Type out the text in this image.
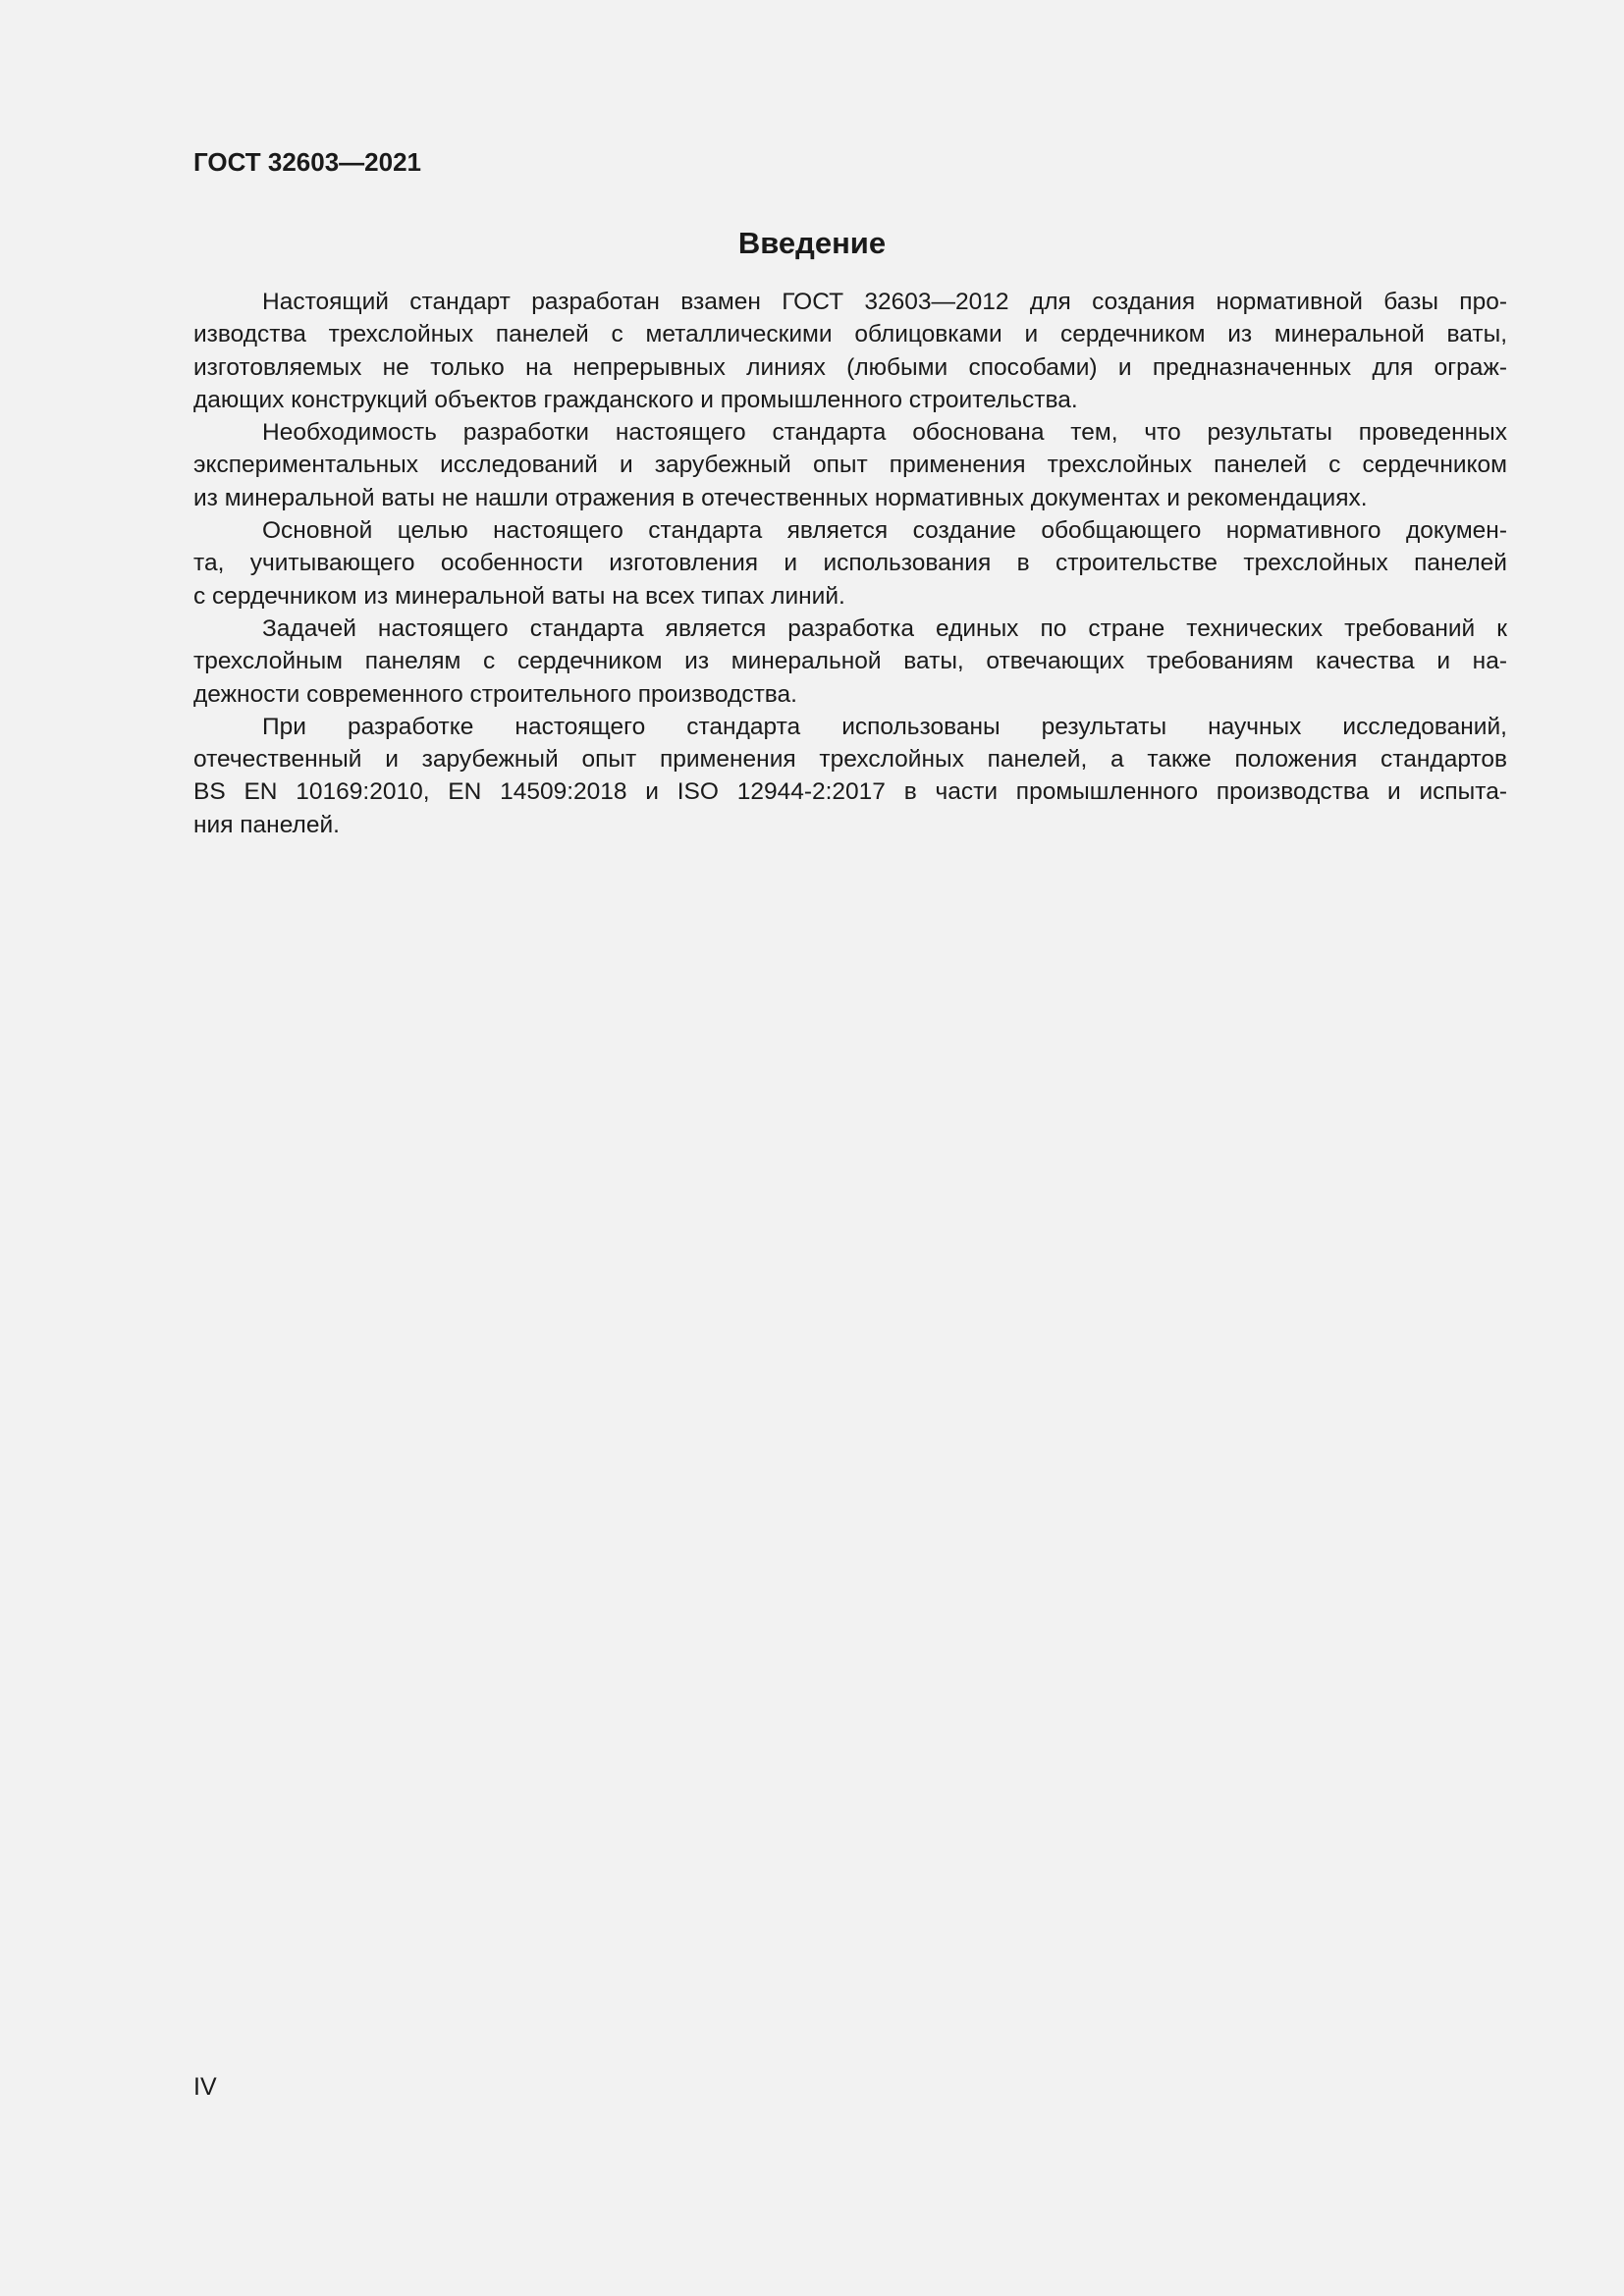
ГОСТ 32603—2021
Введение
Настоящий стандарт разработан взамен ГОСТ 32603—2012 для создания нормативной базы про-
изводства трехслойных панелей с металлическими облицовками и сердечником из минеральной ваты,
изготовляемых не только на непрерывных линиях (любыми способами) и предназначенных для ограж-
дающих конструкций объектов гражданского и промышленного строительства.
Необходимость разработки настоящего стандарта обоснована тем, что результаты проведенных
экспериментальных исследований и зарубежный опыт применения трехслойных панелей с сердечником
из минеральной ваты не нашли отражения в отечественных нормативных документах и рекомендациях.
Основной целью настоящего стандарта является создание обобщающего нормативного докумен-
та, учитывающего особенности изготовления и использования в строительстве трехслойных панелей
с сердечником из минеральной ваты на всех типах линий.
Задачей настоящего стандарта является разработка единых по стране технических требований к
трехслойным панелям с сердечником из минеральной ваты, отвечающих требованиям качества и на-
дежности современного строительного производства.
При разработке настоящего стандарта использованы результаты научных исследований,
отечественный и зарубежный опыт применения трехслойных панелей, а также положения стандартов
BS EN 10169:2010, EN 14509:2018 и ISO 12944-2:2017 в части промышленного производства и испыта-
ния панелей.
IV
